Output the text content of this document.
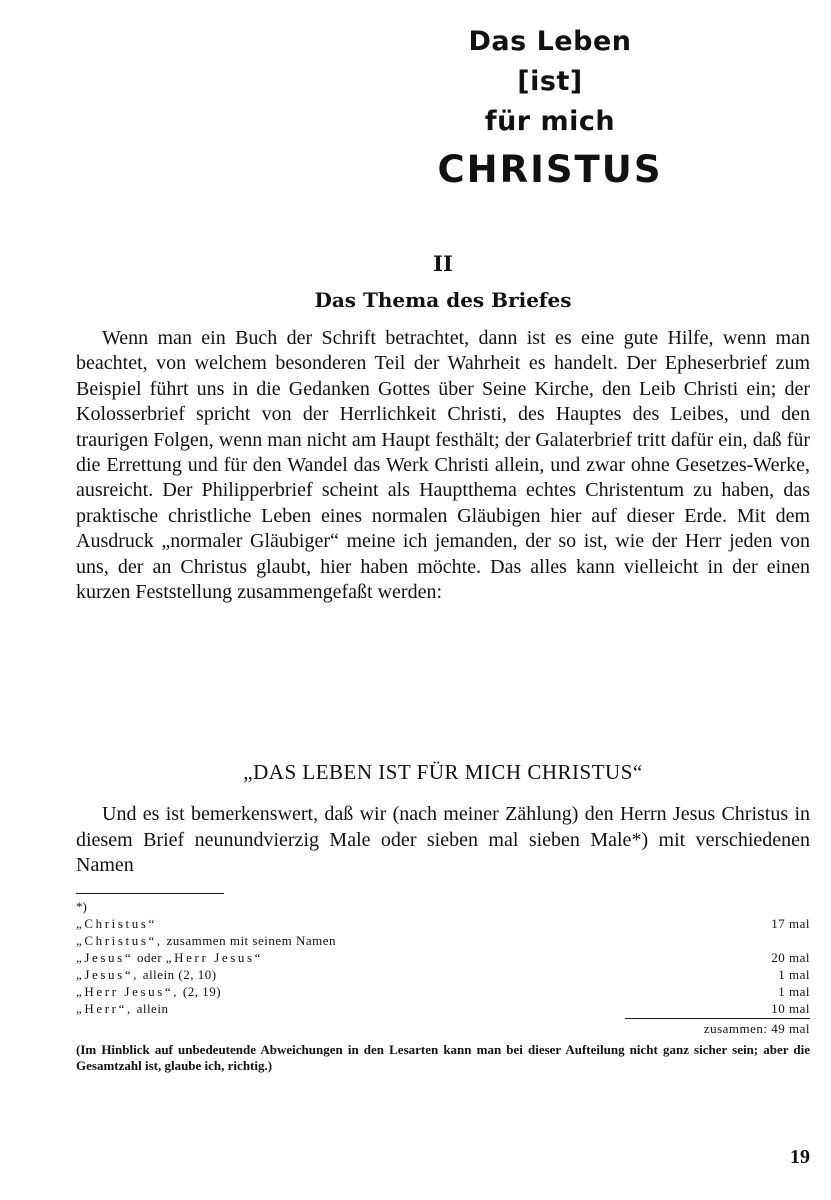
Das Leben
[ist]
für mich
CHRISTUS
II
Das Thema des Briefes

Wenn man ein Buch der Schrift betrachtet, dann ist es eine gute Hilfe, wenn man beachtet, von welchem besonderen Teil der Wahrheit es handelt. Der Epheserbrief zum Beispiel führt uns in die Gedanken Gottes über Seine Kirche, den Leib Christi ein; der Kolosserbrief spricht von der Herrlichkeit Christi, des Hauptes des Leibes, und den traurigen Folgen, wenn man nicht am Haupt festhält; der Galaterbrief tritt dafür ein, daß für die Errettung und für den Wandel das Werk Christi allein, und zwar ohne Gesetzes-Werke, ausreicht. Der Philipperbrief scheint als Hauptthema echtes Christentum zu haben, das praktische christliche Leben eines normalen Gläubigen hier auf dieser Erde. Mit dem Ausdruck „normaler Gläubiger“ meine ich jemanden, der so ist, wie der Herr jeden von uns, der an Christus glaubt, hier haben möchte. Das alles kann vielleicht in der einen kurzen Feststellung zusammengefaßt werden:

„DAS LEBEN IST FÜR MICH CHRISTUS“

Und es ist bemerkenswert, daß wir (nach meiner Zählung) den Herrn Jesus Christus in diesem Brief neunundvierzig Male oder sieben mal sieben Male*) mit verschiedenen Namen

*)
„Christus“	17 mal
„Christus“, zusammen mit seinem Namen
„Jesus“ oder „Herr Jesus“	20 mal
„Jesus“, allein (2, 10)	1 mal
„Herr Jesus“, (2, 19)	1 mal
„Herr“, allein	10 mal
zusammen: 49 mal
(Im Hinblick auf unbedeutende Abweichungen in den Lesarten kann man bei dieser Aufteilung nicht ganz sicher sein; aber die Gesamtzahl ist, glaube ich, richtig.)
19
